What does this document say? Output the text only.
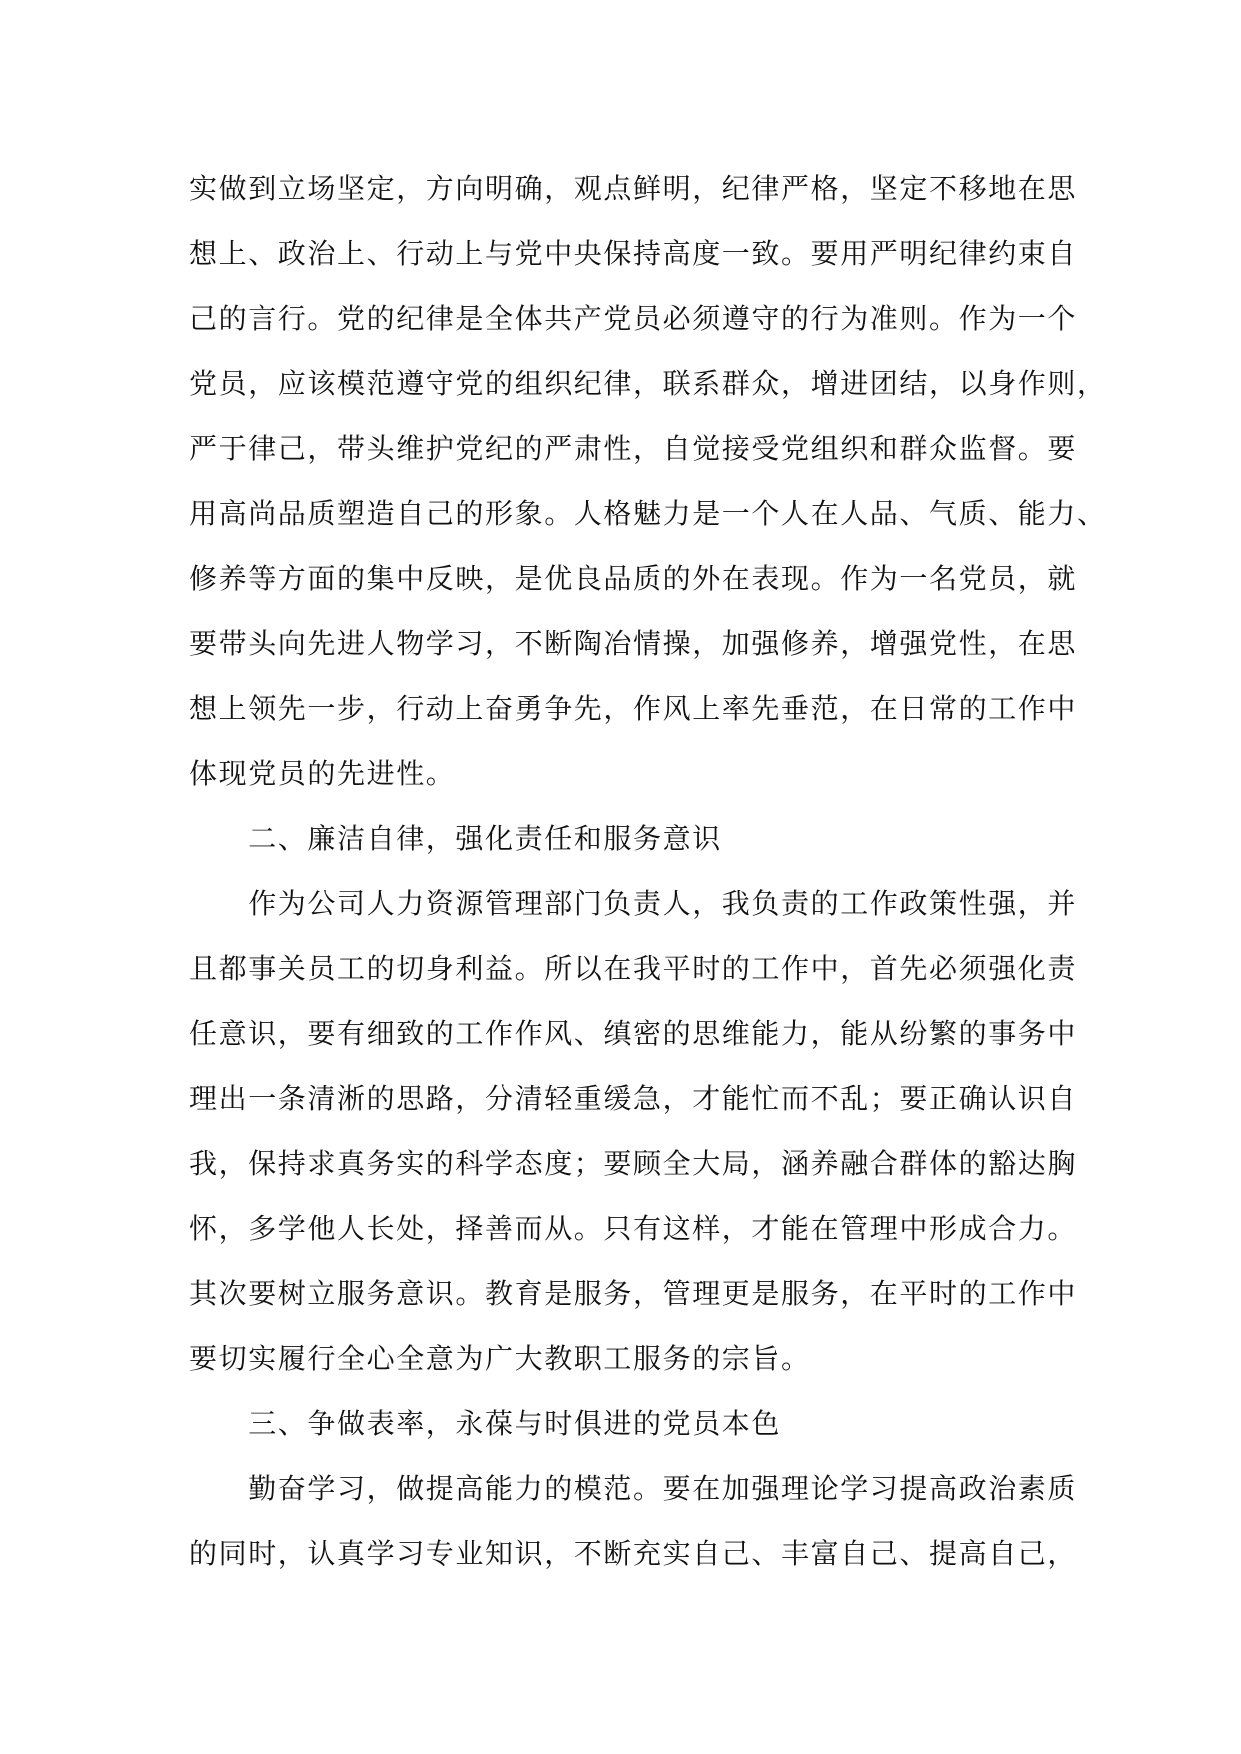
实做到立场坚定，方向明确，观点鲜明，纪律严格，坚定不移地在思
想上、政治上、行动上与党中央保持高度一致。要用严明纪律约束自
己的言行。党的纪律是全体共产党员必须遵守的行为准则。作为一个
党员，应该模范遵守党的组织纪律，联系群众，增进团结，以身作则，
严于律己，带头维护党纪的严肃性，自觉接受党组织和群众监督。要
用高尚品质塑造自己的形象。人格魅力是一个人在人品、气质、能力、
修养等方面的集中反映，是优良品质的外在表现。作为一名党员，就
要带头向先进人物学习，不断陶冶情操，加强修养，增强党性，在思
想上领先一步，行动上奋勇争先，作风上率先垂范，在日常的工作中
体现党员的先进性。
　　二、廉洁自律，强化责任和服务意识
　　作为公司人力资源管理部门负责人，我负责的工作政策性强，并
且都事关员工的切身利益。所以在我平时的工作中，首先必须强化责
任意识，要有细致的工作作风、缜密的思维能力，能从纷繁的事务中
理出一条清淅的思路，分清轻重缓急，才能忙而不乱；要正确认识自
我，保持求真务实的科学态度；要顾全大局，涵养融合群体的豁达胸
怀，多学他人长处，择善而从。只有这样，才能在管理中形成合力。
其次要树立服务意识。教育是服务，管理更是服务，在平时的工作中
要切实履行全心全意为广大教职工服务的宗旨。
　　三、争做表率，永葆与时俱进的党员本色
　　勤奋学习，做提高能力的模范。要在加强理论学习提高政治素质
的同时，认真学习专业知识，不断充实自己、丰富自己、提高自己，
